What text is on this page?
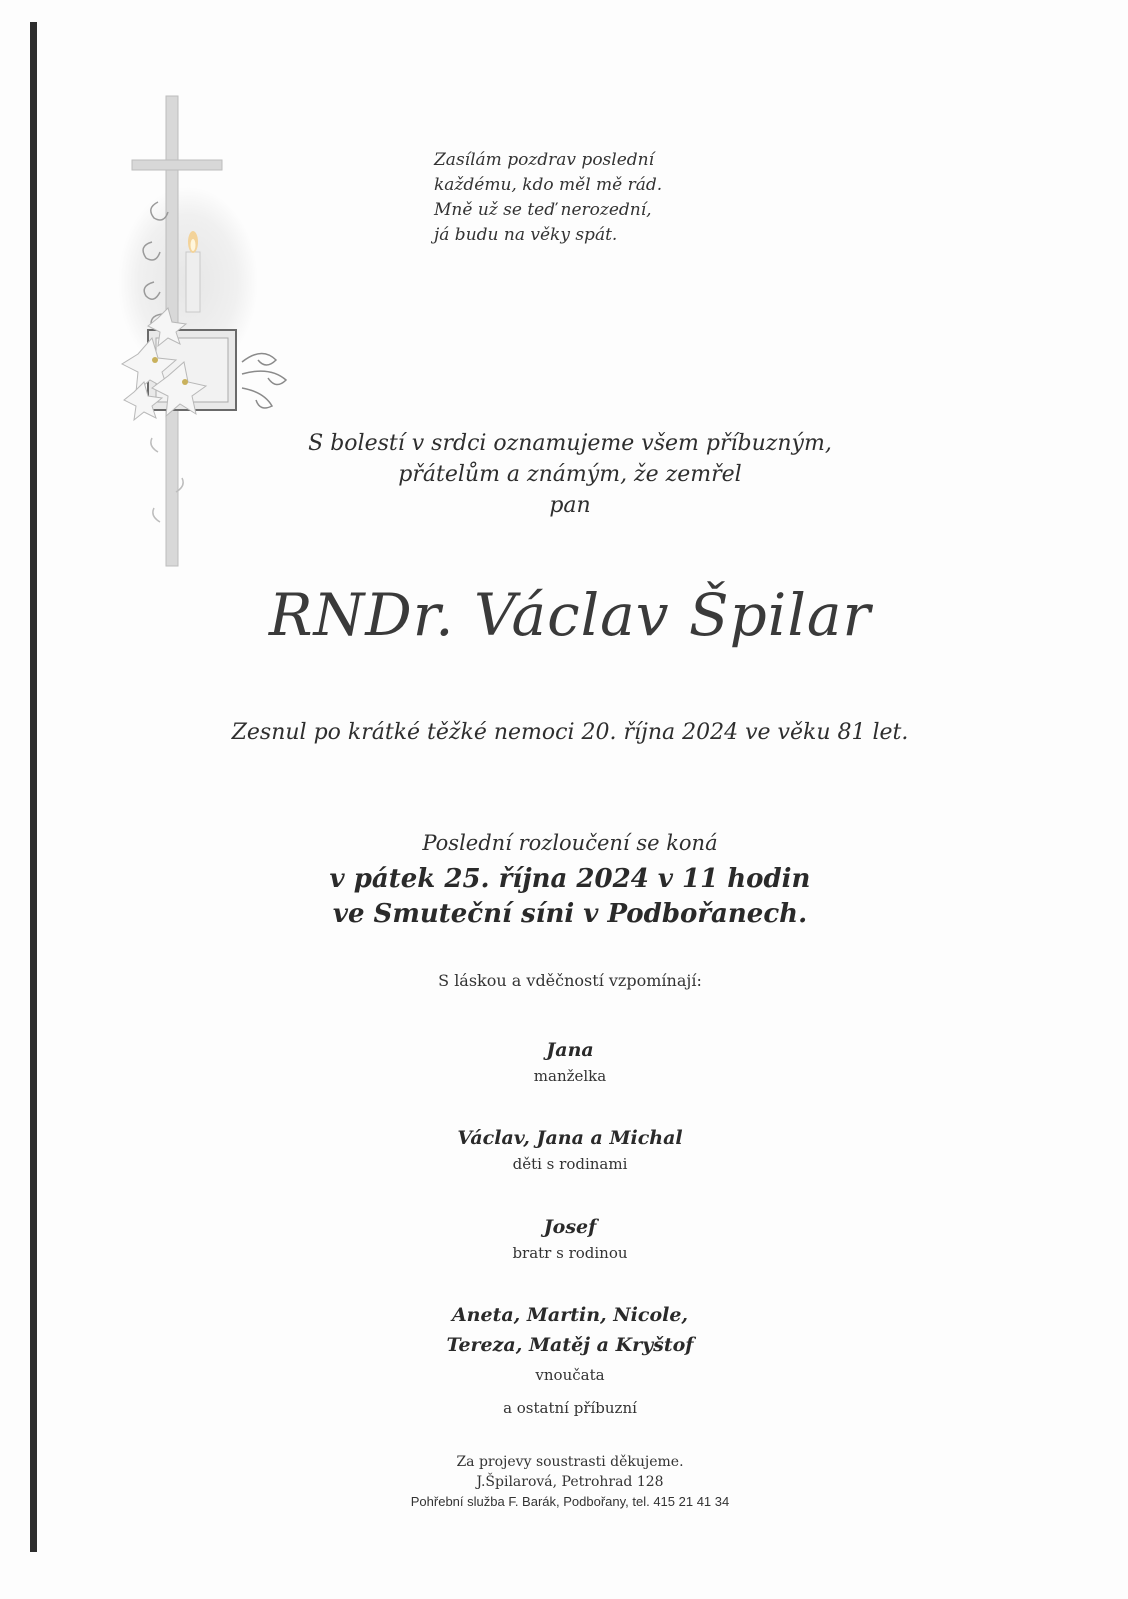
Zasílám pozdrav poslední
každému, kdo měl mě rád.
Mně už se teď nerozední,
já budu na věky spát.
S bolestí v srdci oznamujeme všem příbuzným,
přátelům a známým, že zemřel
pan
RNDr. Václav Špilar
Zesnul po krátké těžké nemoci 20. října 2024 ve věku 81 let.
Poslední rozloučení se koná
v pátek 25. října 2024 v 11 hodin
ve Smuteční síni v Podbořanech.
S láskou a vděčností vzpomínají:
Jana
manželka
Václav, Jana a Michal
děti s rodinami
Josef
bratr s rodinou
Aneta, Martin, Nicole,
Tereza, Matěj a Kryštof
vnoučata
a ostatní příbuzní
Za projevy soustrasti děkujeme.
J.Špilarová, Petrohrad 128
Pohřební služba F. Barák, Podbořany, tel. 415 21 41 34
